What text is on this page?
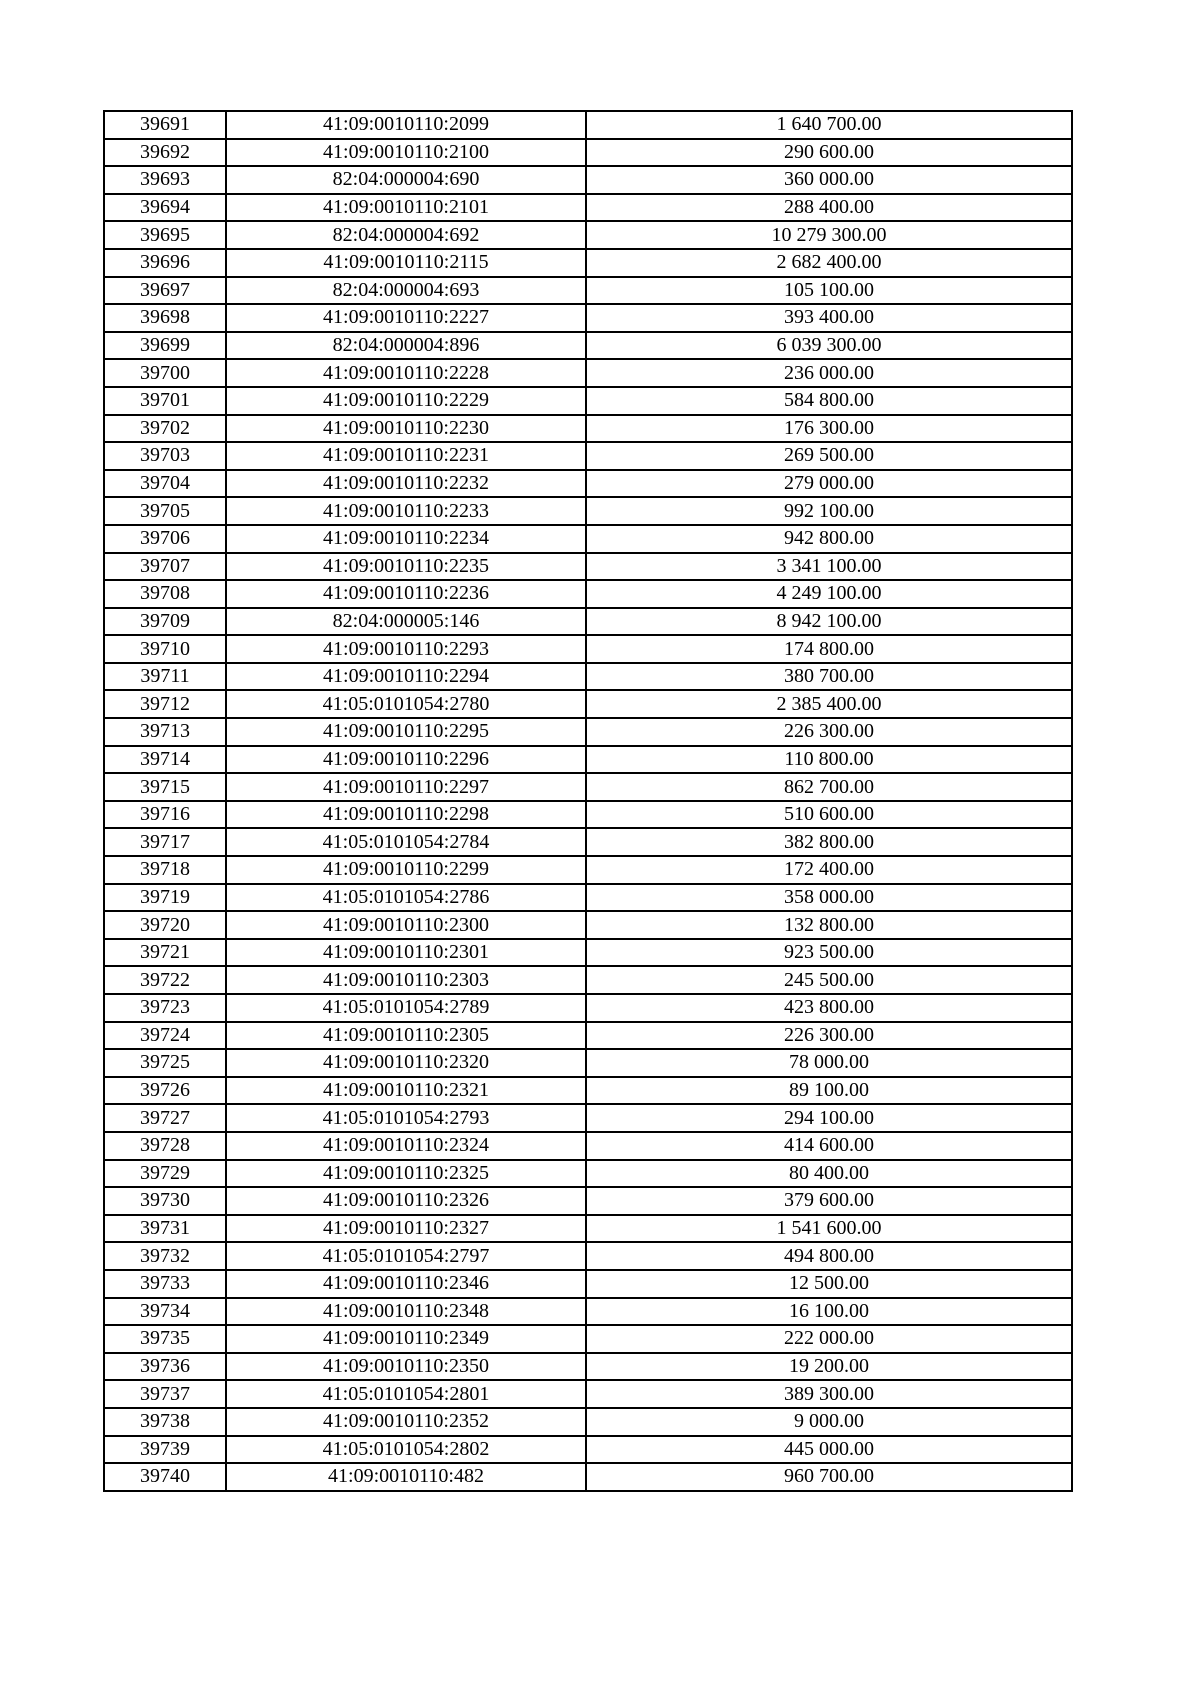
39691	41:09:0010110:2099	1 640 700.00
39692	41:09:0010110:2100	290 600.00
39693	82:04:000004:690	360 000.00
39694	41:09:0010110:2101	288 400.00
39695	82:04:000004:692	10 279 300.00
39696	41:09:0010110:2115	2 682 400.00
39697	82:04:000004:693	105 100.00
39698	41:09:0010110:2227	393 400.00
39699	82:04:000004:896	6 039 300.00
39700	41:09:0010110:2228	236 000.00
39701	41:09:0010110:2229	584 800.00
39702	41:09:0010110:2230	176 300.00
39703	41:09:0010110:2231	269 500.00
39704	41:09:0010110:2232	279 000.00
39705	41:09:0010110:2233	992 100.00
39706	41:09:0010110:2234	942 800.00
39707	41:09:0010110:2235	3 341 100.00
39708	41:09:0010110:2236	4 249 100.00
39709	82:04:000005:146	8 942 100.00
39710	41:09:0010110:2293	174 800.00
39711	41:09:0010110:2294	380 700.00
39712	41:05:0101054:2780	2 385 400.00
39713	41:09:0010110:2295	226 300.00
39714	41:09:0010110:2296	110 800.00
39715	41:09:0010110:2297	862 700.00
39716	41:09:0010110:2298	510 600.00
39717	41:05:0101054:2784	382 800.00
39718	41:09:0010110:2299	172 400.00
39719	41:05:0101054:2786	358 000.00
39720	41:09:0010110:2300	132 800.00
39721	41:09:0010110:2301	923 500.00
39722	41:09:0010110:2303	245 500.00
39723	41:05:0101054:2789	423 800.00
39724	41:09:0010110:2305	226 300.00
39725	41:09:0010110:2320	78 000.00
39726	41:09:0010110:2321	89 100.00
39727	41:05:0101054:2793	294 100.00
39728	41:09:0010110:2324	414 600.00
39729	41:09:0010110:2325	80 400.00
39730	41:09:0010110:2326	379 600.00
39731	41:09:0010110:2327	1 541 600.00
39732	41:05:0101054:2797	494 800.00
39733	41:09:0010110:2346	12 500.00
39734	41:09:0010110:2348	16 100.00
39735	41:09:0010110:2349	222 000.00
39736	41:09:0010110:2350	19 200.00
39737	41:05:0101054:2801	389 300.00
39738	41:09:0010110:2352	9 000.00
39739	41:05:0101054:2802	445 000.00
39740	41:09:0010110:482	960 700.00
